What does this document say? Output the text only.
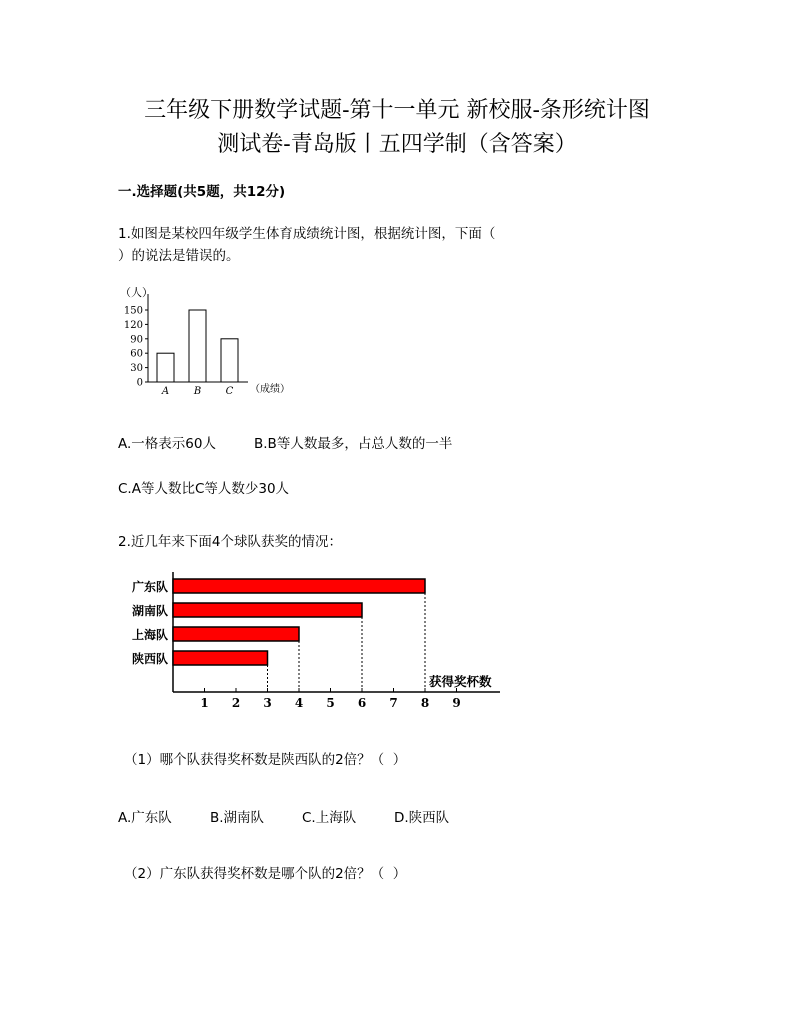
三年级下册数学试题-第十一单元 新校服-条形统计图
测试卷-青岛版丨五四学制（含答案）
一.选择题(共5题，共12分)
1.如图是某校四年级学生体育成绩统计图，根据统计图，下面（
）的说法是错误的。
（人）
150
120
90
60
30
0
A B C （成绩）
A.一格表示60人	B.B等人数最多，占总人数的一半
C.A等人数比C等人数少30人
2.近几年来下面4个球队获奖的情况：
广东队
湖南队
上海队
陕西队
1 2 3 4 5 6 7 8 9
获得奖杯数
（1）哪个队获得奖杯数是陕西队的2倍？（  ）
A.广东队	B.湖南队	C.上海队	D.陕西队
（2）广东队获得奖杯数是哪个队的2倍？（  ）
